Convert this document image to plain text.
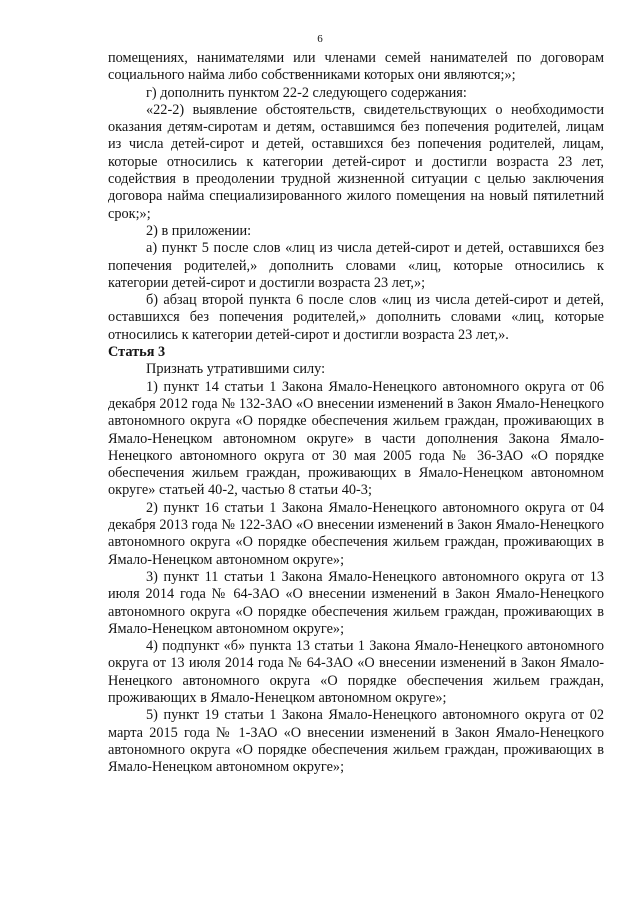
6

помещениях, нанимателями или членами семей нанимателей по договорам социального найма либо собственниками которых они являются;»;

г) дополнить пунктом 22-2 следующего содержания:

«22-2) выявление обстоятельств, свидетельствующих о необходимости оказания детям-сиротам и детям, оставшимся без попечения родителей, лицам из числа детей-сирот и детей, оставшихся без попечения родителей, лицам, которые относились к категории детей-сирот и достигли возраста 23 лет, содействия в преодолении трудной жизненной ситуации с целью заключения договора найма специализированного жилого помещения на новый пятилетний срок;»;

2) в приложении:

а) пункт 5 после слов «лиц из числа детей-сирот и детей, оставшихся без попечения родителей,» дополнить словами «лиц, которые относились к категории детей-сирот и достигли возраста 23 лет,»;

б) абзац второй пункта 6 после слов «лиц из числа детей-сирот и детей, оставшихся без попечения родителей,» дополнить словами «лиц, которые относились к категории детей-сирот и достигли возраста 23 лет,».

Статья 3

Признать утратившими силу:

1) пункт 14 статьи 1 Закона Ямало-Ненецкого автономного округа от 06 декабря 2012 года № 132-ЗАО «О внесении изменений в Закон Ямало-Ненецкого автономного округа «О порядке обеспечения жильем граждан, проживающих в Ямало-Ненецком автономном округе» в части дополнения Закона Ямало-Ненецкого автономного округа от 30 мая 2005 года № 36-ЗАО «О порядке обеспечения жильем граждан, проживающих в Ямало-Ненецком автономном округе» статьей 40-2, частью 8 статьи 40-3;

2) пункт 16 статьи 1 Закона Ямало-Ненецкого автономного округа от 04 декабря 2013 года № 122-ЗАО «О внесении изменений в Закон Ямало-Ненецкого автономного округа «О порядке обеспечения жильем граждан, проживающих в Ямало-Ненецком автономном округе»;

3) пункт 11 статьи 1 Закона Ямало-Ненецкого автономного округа от 13 июля 2014 года № 64-ЗАО «О внесении изменений в Закон Ямало-Ненецкого автономного округа «О порядке обеспечения жильем граждан, проживающих в Ямало-Ненецком автономном округе»;

4) подпункт «б» пункта 13 статьи 1 Закона Ямало-Ненецкого автономного округа от 13 июля 2014 года № 64-ЗАО «О внесении изменений в Закон Ямало-Ненецкого автономного округа «О порядке обеспечения жильем граждан, проживающих в Ямало-Ненецком автономном округе»;

5) пункт 19 статьи 1 Закона Ямало-Ненецкого автономного округа от 02 марта 2015 года № 1-ЗАО «О внесении изменений в Закон Ямало-Ненецкого автономного округа «О порядке обеспечения жильем граждан, проживающих в Ямало-Ненецком автономном округе»;
